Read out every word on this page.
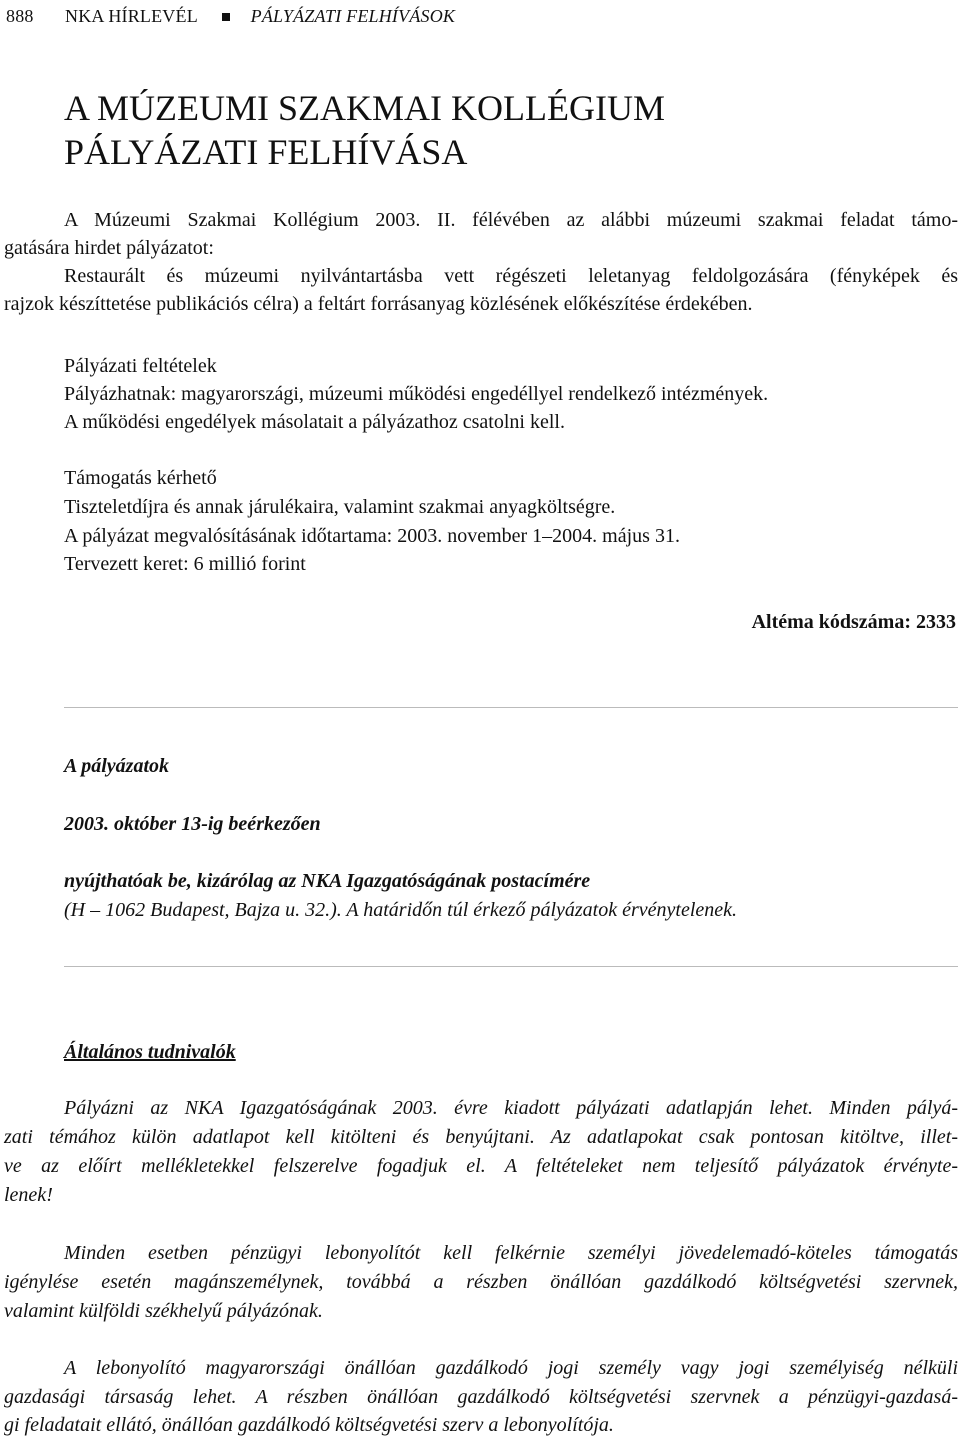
888 NKA HÍRLEVÉL	PÁLYÁZATI FELHÍVÁSOK
A MÚZEUMI SZAKMAI KOLLÉGIUM
PÁLYÁZATI FELHÍVÁSA
A Múzeumi Szakmai Kollégium 2003. II. félévében az alábbi múzeumi szakmai feladat támo-
gatására hirdet pályázatot:
Restaurált és múzeumi nyilvántartásba vett régészeti leletanyag feldolgozására (fényképek és
rajzok készíttetése publikációs célra) a feltárt forrásanyag közlésének előkészítése érdekében.
Pályázati feltételek
Pályázhatnak: magyarországi, múzeumi működési engedéllyel rendelkező intézmények.
A működési engedélyek másolatait a pályázathoz csatolni kell.
Támogatás kérhető
Tiszteletdíjra és annak járulékaira, valamint szakmai anyagköltségre.
A pályázat megvalósításának időtartama: 2003. november 1–2004. május 31.
Tervezett keret: 6 millió forint
Altéma kódszáma: 2333
A pályázatok
2003. október 13-ig beérkezően
nyújthatóak be, kizárólag az NKA Igazgatóságának postacímére
(H – 1062 Budapest, Bajza u. 32.). A határidőn túl érkező pályázatok érvénytelenek.
Általános tudnivalók
Pályázni az NKA Igazgatóságának 2003. évre kiadott pályázati adatlapján lehet. Minden pályá-
zati témához külön adatlapot kell kitölteni és benyújtani. Az adatlapokat csak pontosan kitöltve, illet-
ve az előírt mellékletekkel felszerelve fogadjuk el. A feltételeket nem teljesítő pályázatok érvényte-
lenek!
Minden esetben pénzügyi lebonyolítót kell felkérnie személyi jövedelemadó-köteles támogatás
igénylése esetén magánszemélynek, továbbá a részben önállóan gazdálkodó költségvetési szervnek,
valamint külföldi székhelyű pályázónak.
A lebonyolító magyarországi önállóan gazdálkodó jogi személy vagy jogi személyiség nélküli
gazdasági társaság lehet. A részben önállóan gazdálkodó költségvetési szervnek a pénzügyi-gazdasá-
gi feladatait ellátó, önállóan gazdálkodó költségvetési szerv a lebonyolítója.
